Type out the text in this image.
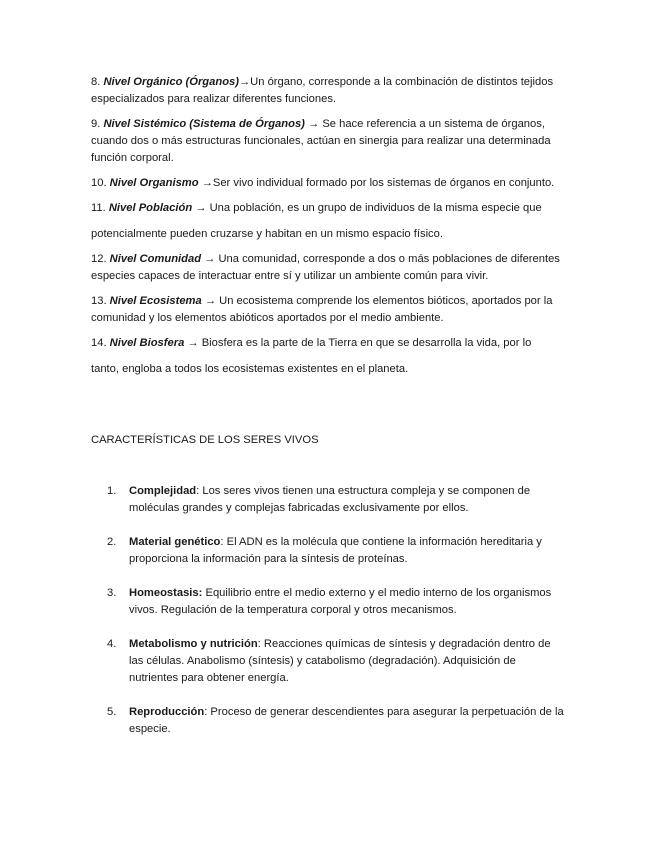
8. Nivel Orgánico (Órganos)→Un órgano, corresponde a la combinación de distintos tejidos especializados para realizar diferentes funciones.

9. Nivel Sistémico (Sistema de Órganos) → Se hace referencia a un sistema de órganos, cuando dos o más estructuras funcionales, actúan en sinergia para realizar una determinada función corporal.

10. Nivel Organismo →Ser vivo individual formado por los sistemas de órganos en conjunto.

11. Nivel Población → Una población, es un grupo de individuos de la misma especie que
potencialmente pueden cruzarse y habitan en un mismo espacio físico.

12. Nivel Comunidad → Una comunidad, corresponde a dos o más poblaciones de diferentes especies capaces de interactuar entre sí y utilizar un ambiente común para vivir.

13. Nivel Ecosistema → Un ecosistema comprende los elementos bióticos, aportados por la comunidad y los elementos abióticos aportados por el medio ambiente.

14. Nivel Biosfera → Biosfera es la parte de la Tierra en que se desarrolla la vida, por lo
tanto, engloba a todos los ecosistemas existentes en el planeta.

CARACTERÍSTICAS DE LOS SERES VIVOS

1.	Complejidad: Los seres vivos tienen una estructura compleja y se componen de moléculas grandes y complejas fabricadas exclusivamente por ellos.
2.	Material genético: El ADN es la molécula que contiene la información hereditaria y proporciona la información para la síntesis de proteínas.
3.	Homeostasis: Equilibrio entre el medio externo y el medio interno de los organismos vivos. Regulación de la temperatura corporal y otros mecanismos.
4.	Metabolismo y nutrición: Reacciones químicas de síntesis y degradación dentro de las células. Anabolismo (síntesis) y catabolismo (degradación). Adquisición de nutrientes para obtener energía.
5.	Reproducción: Proceso de generar descendientes para asegurar la perpetuación de la especie.
